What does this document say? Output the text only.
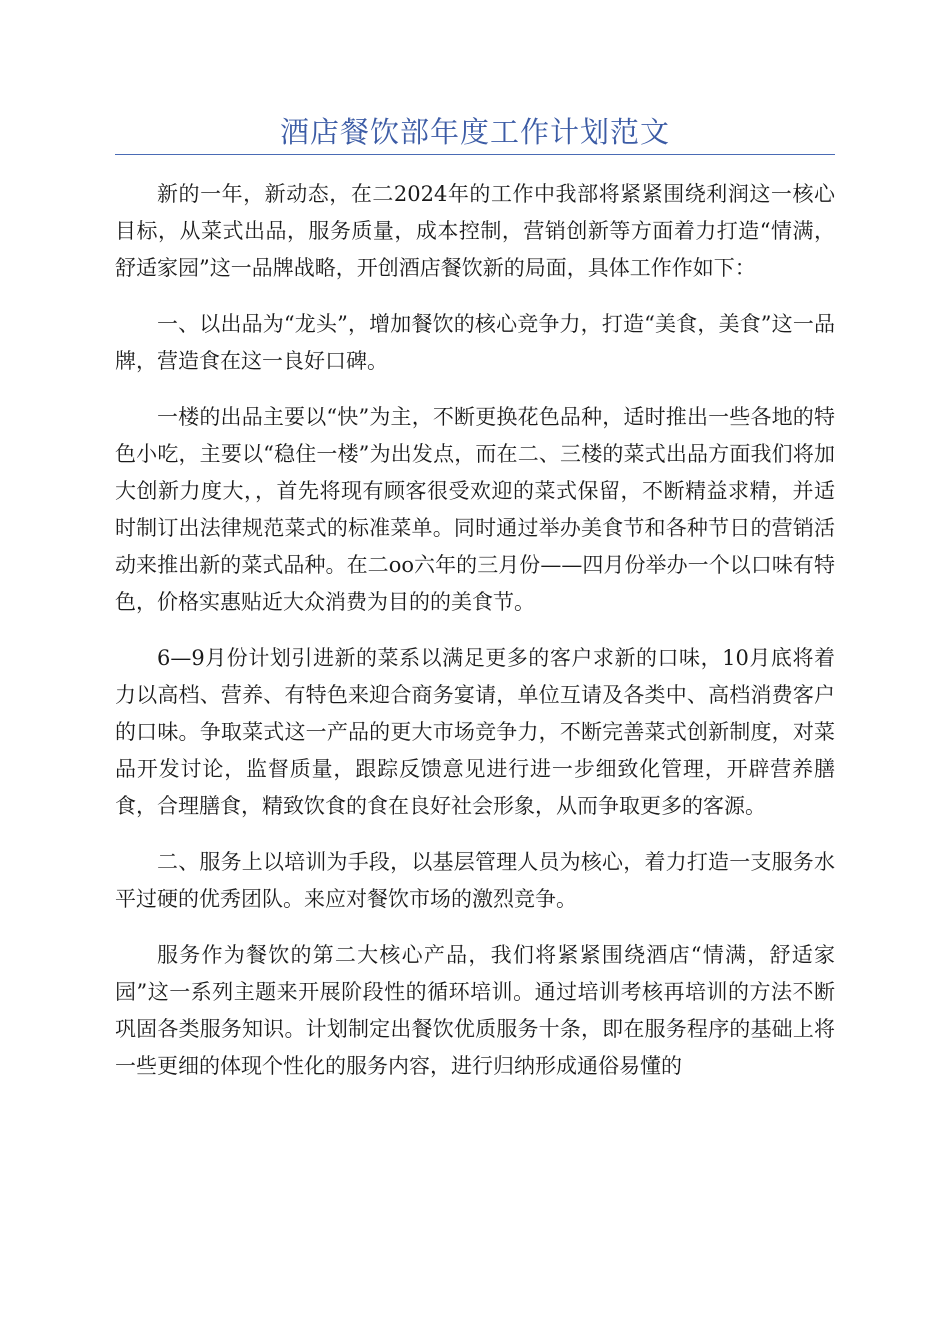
酒店餐饮部年度工作计划范文

新的一年，新动态，在二2024年的工作中我部将紧紧围绕利润这一核心目标，从菜式出品，服务质量，成本控制，营销创新等方面着力打造“情满，舒适家园”这一品牌战略，开创酒店餐饮新的局面，具体工作作如下：

一、以出品为“龙头”，增加餐饮的核心竞争力，打造“美食，美食”这一品牌，营造食在这一良好口碑。

一楼的出品主要以“快”为主，不断更换花色品种，适时推出一些各地的特色小吃，主要以“稳住一楼”为出发点，而在二、三楼的菜式出品方面我们将加大创新力度大，，首先将现有顾客很受欢迎的菜式保留，不断精益求精，并适时制订出法律规范菜式的标准菜单。同时通过举办美食节和各种节日的营销活动来推出新的菜式品种。在二oo六年的三月份——四月份举办一个以口味有特色，价格实惠贴近大众消费为目的的美食节。

6—9月份计划引进新的菜系以满足更多的客户求新的口味，10月底将着力以高档、营养、有特色来迎合商务宴请，单位互请及各类中、高档消费客户的口味。争取菜式这一产品的更大市场竞争力，不断完善菜式创新制度，对菜品开发讨论，监督质量，跟踪反馈意见进行进一步细致化管理，开辟营养膳食，合理膳食，精致饮食的食在良好社会形象，从而争取更多的客源。

二、服务上以培训为手段，以基层管理人员为核心，着力打造一支服务水平过硬的优秀团队。来应对餐饮市场的激烈竞争。

服务作为餐饮的第二大核心产品，我们将紧紧围绕酒店“情满，舒适家园”这一系列主题来开展阶段性的循环培训。通过培训考核再培训的方法不断巩固各类服务知识。计划制定出餐饮优质服务十条，即在服务程序的基础上将一些更细的体现个性化的服务内容，进行归纳形成通俗易懂的
